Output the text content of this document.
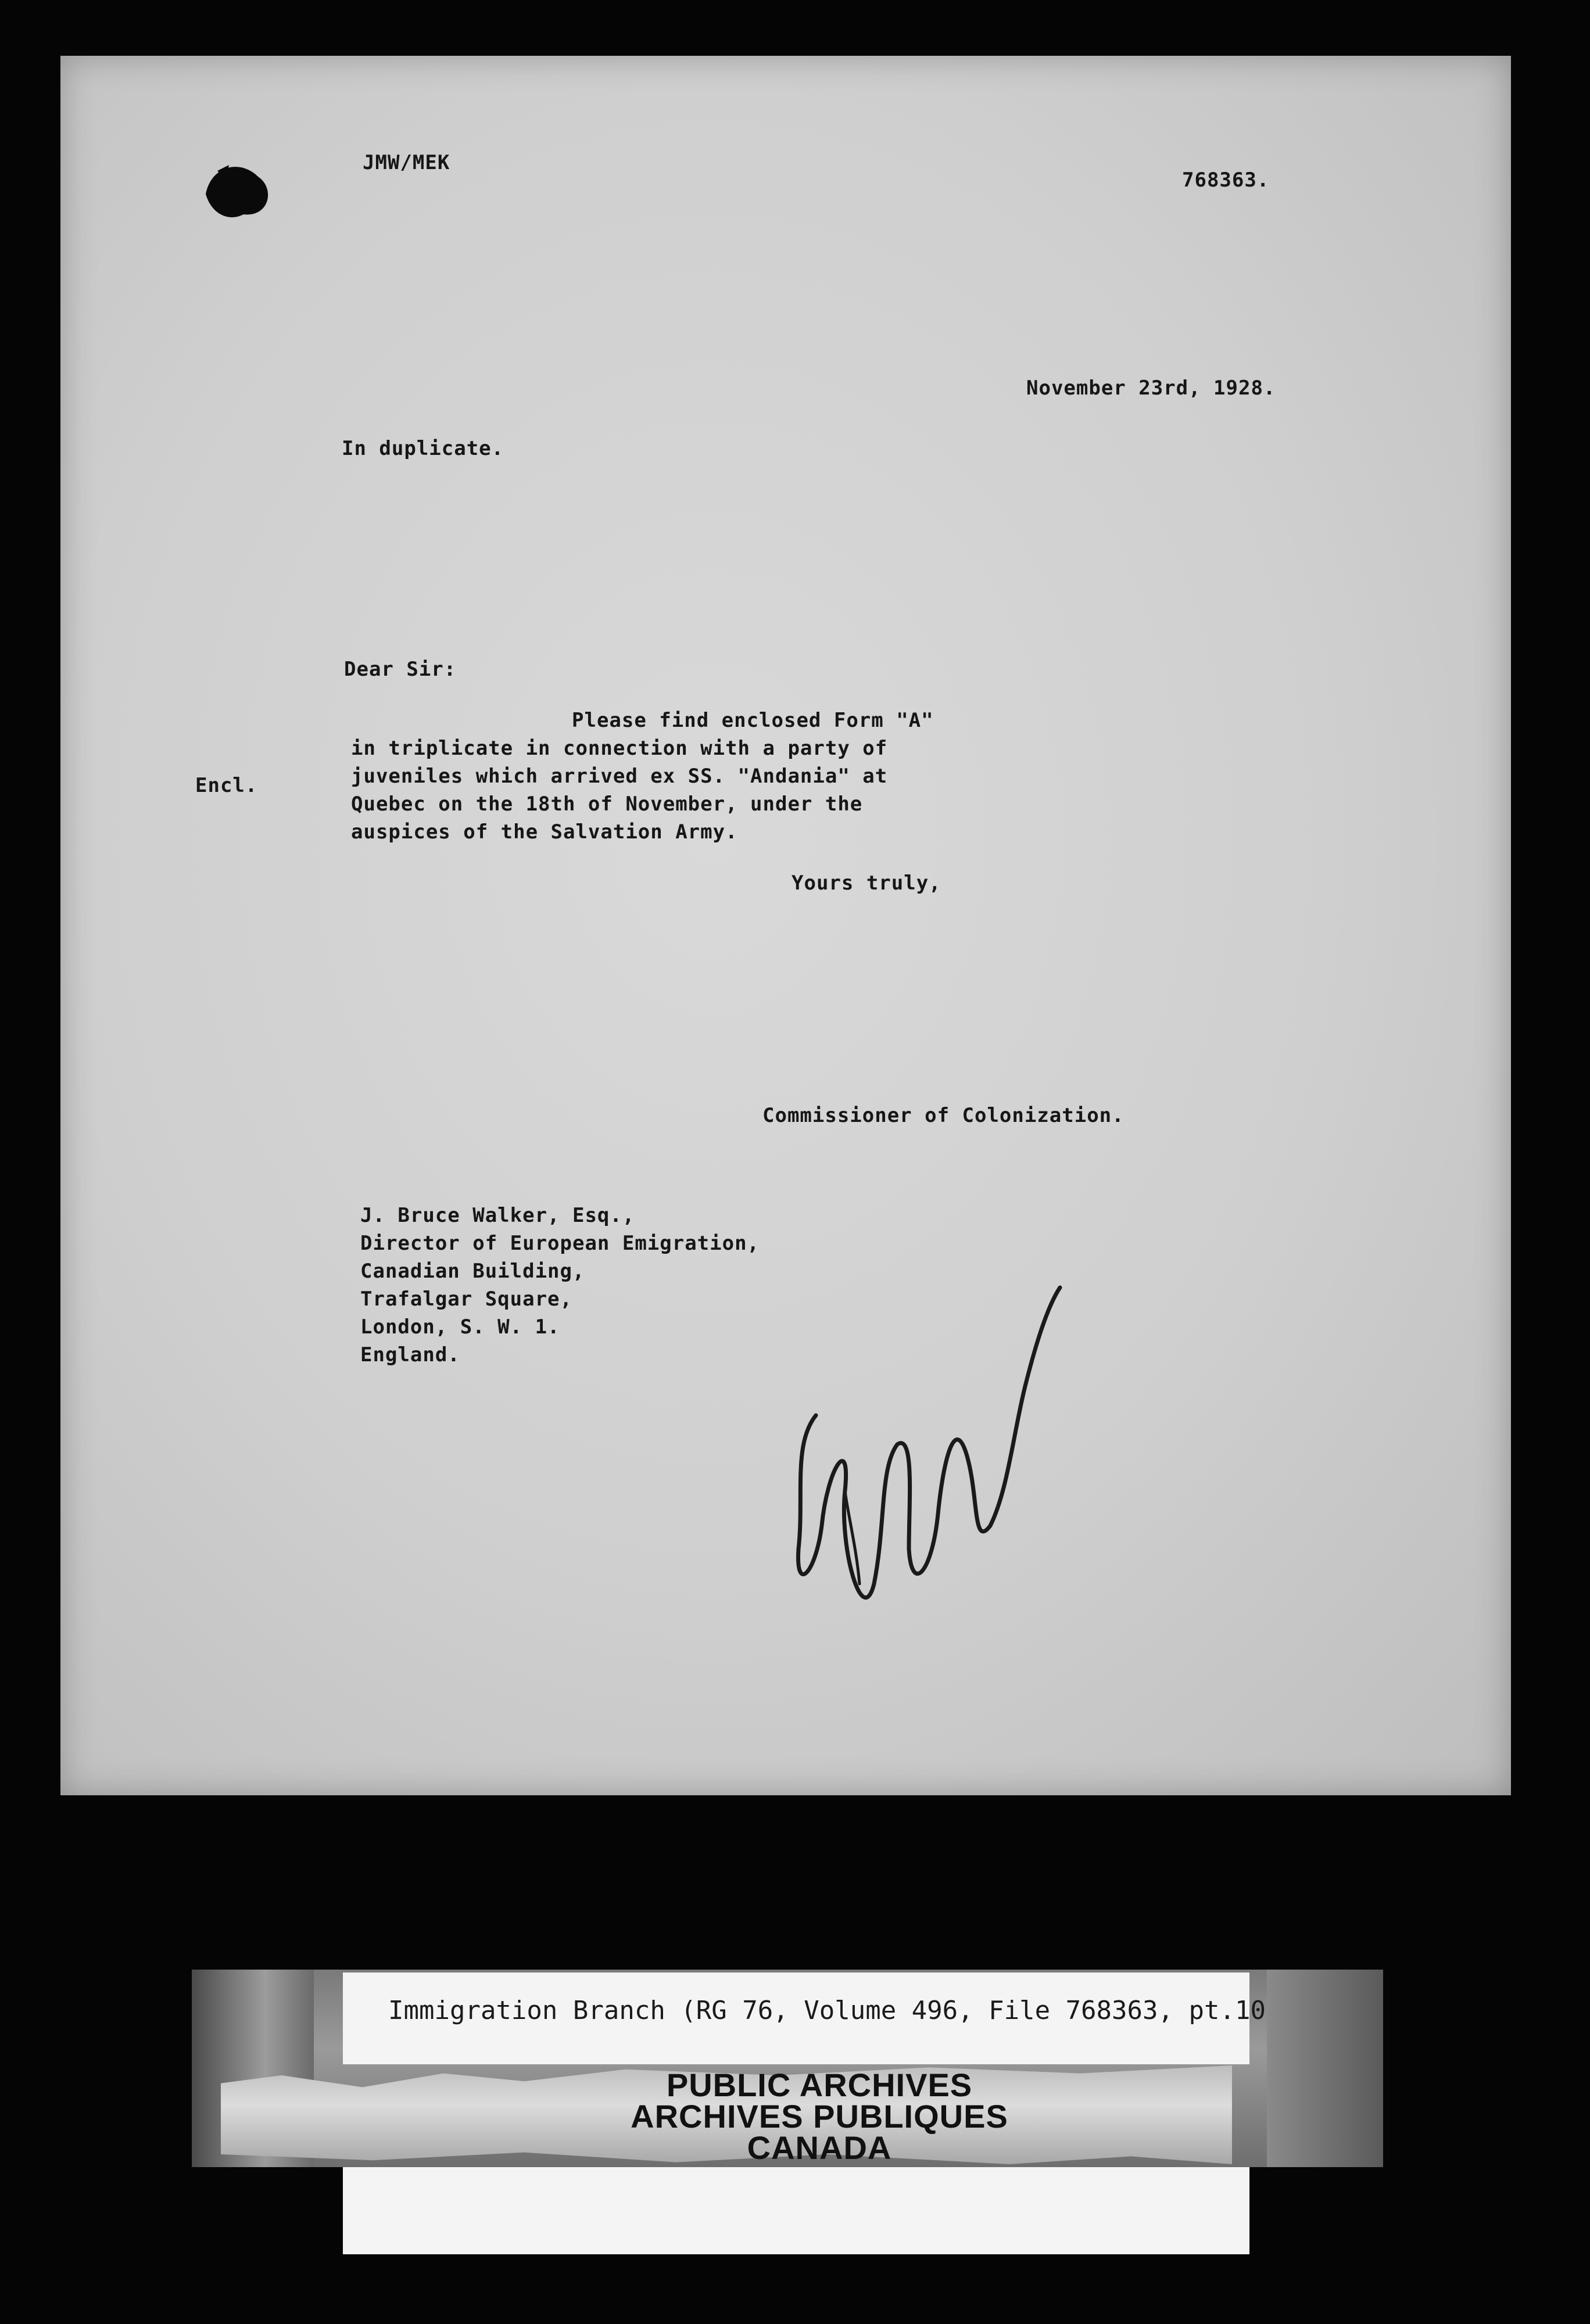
JMW/MEK
768363.
November 23rd, 1928.
In duplicate.
Dear Sir:
Encl.
Please find enclosed Form "A"
in triplicate in connection with a party of
juveniles which arrived ex SS. "Andania" at
Quebec on the 18th of November, under the
auspices of the Salvation Army.
Yours truly,
Commissioner of Colonization.
J. Bruce Walker, Esq.,
Director of European Emigration,
Canadian Building,
Trafalgar Square,
London, S. W. 1.
England.
Immigration Branch (RG 76, Volume 496, File 768363, pt.10
PUBLIC ARCHIVES
ARCHIVES PUBLIQUES
CANADA
